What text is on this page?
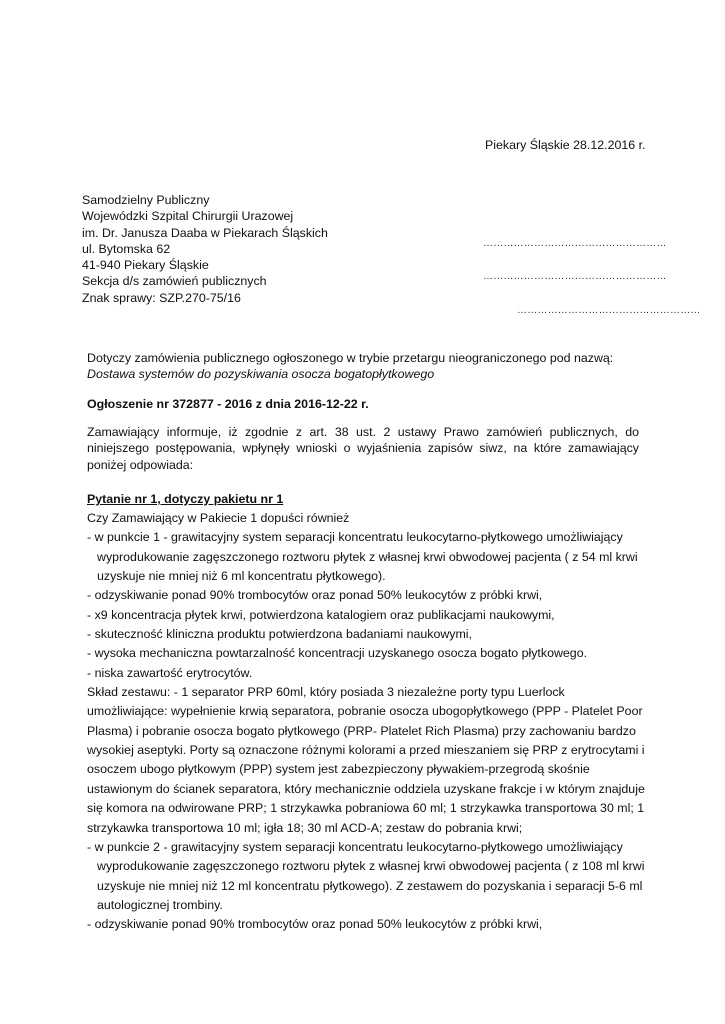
Piekary Śląskie 28.12.2016 r.
Samodzielny Publiczny
Wojewódzki Szpital Chirurgii Urazowej
im. Dr. Janusza Daaba w Piekarach Śląskich
ul. Bytomska 62
41-940 Piekary Śląskie
Sekcja d/s zamówień publicznych
Znak sprawy: SZP.270-75/16
………………………………………………
………………………………………………
………………………………………………
Dotyczy zamówienia publicznego ogłoszonego w trybie przetargu nieograniczonego pod nazwą:
Dostawa systemów do pozyskiwania osocza bogatopłytkowego
Ogłoszenie nr 372877 - 2016 z dnia 2016-12-22 r.
Zamawiający informuje, iż zgodnie z art. 38 ust. 2 ustawy Prawo zamówień publicznych, do niniejszego postępowania, wpłynęły wnioski o wyjaśnienia zapisów siwz, na które zamawiający poniżej odpowiada:
Pytanie nr 1, dotyczy pakietu nr 1
Czy Zamawiający w Pakiecie 1 dopuści również
- w punkcie 1 - grawitacyjny system separacji koncentratu leukocytarno-płytkowego umożliwiający
wyprodukowanie zagęszczonego roztworu płytek z własnej krwi obwodowej pacjenta ( z 54 ml krwi
uzyskuje nie mniej niż 6 ml koncentratu płytkowego).
- odzyskiwanie ponad 90% trombocytów oraz ponad 50% leukocytów z próbki krwi,
- x9 koncentracja płytek krwi, potwierdzona katalogiem oraz publikacjami naukowymi,
- skuteczność kliniczna produktu potwierdzona badaniami naukowymi,
- wysoka mechaniczna powtarzalność koncentracji uzyskanego osocza bogato płytkowego.
- niska zawartość erytrocytów.
Skład zestawu: - 1 separator PRP 60ml, który posiada 3 niezależne porty typu Luerlock
umożliwiające: wypełnienie krwią separatora, pobranie osocza ubogopłytkowego (PPP - Platelet Poor
Plasma) i pobranie osocza bogato płytkowego (PRP- Platelet Rich Plasma) przy zachowaniu bardzo
wysokiej aseptyki. Porty są oznaczone różnymi kolorami a przed mieszaniem się PRP z erytrocytami i
osoczem ubogo płytkowym (PPP) system jest zabezpieczony pływakiem-przegrodą skośnie
ustawionym do ścianek separatora, który mechanicznie oddziela uzyskane frakcje i w którym znajduje
się komora na odwirowane PRP; 1 strzykawka pobraniowa 60 ml; 1 strzykawka transportowa 30 ml; 1
strzykawka transportowa 10 ml; igła 18; 30 ml ACD-A; zestaw do pobrania krwi;
- w punkcie 2 - grawitacyjny system separacji koncentratu leukocytarno-płytkowego umożliwiający
wyprodukowanie zagęszczonego roztworu płytek z własnej krwi obwodowej pacjenta ( z 108 ml krwi
uzyskuje nie mniej niż 12 ml koncentratu płytkowego). Z zestawem do pozyskania i separacji 5-6 ml
autologicznej trombiny.
- odzyskiwanie ponad 90% trombocytów oraz ponad 50% leukocytów z próbki krwi,
